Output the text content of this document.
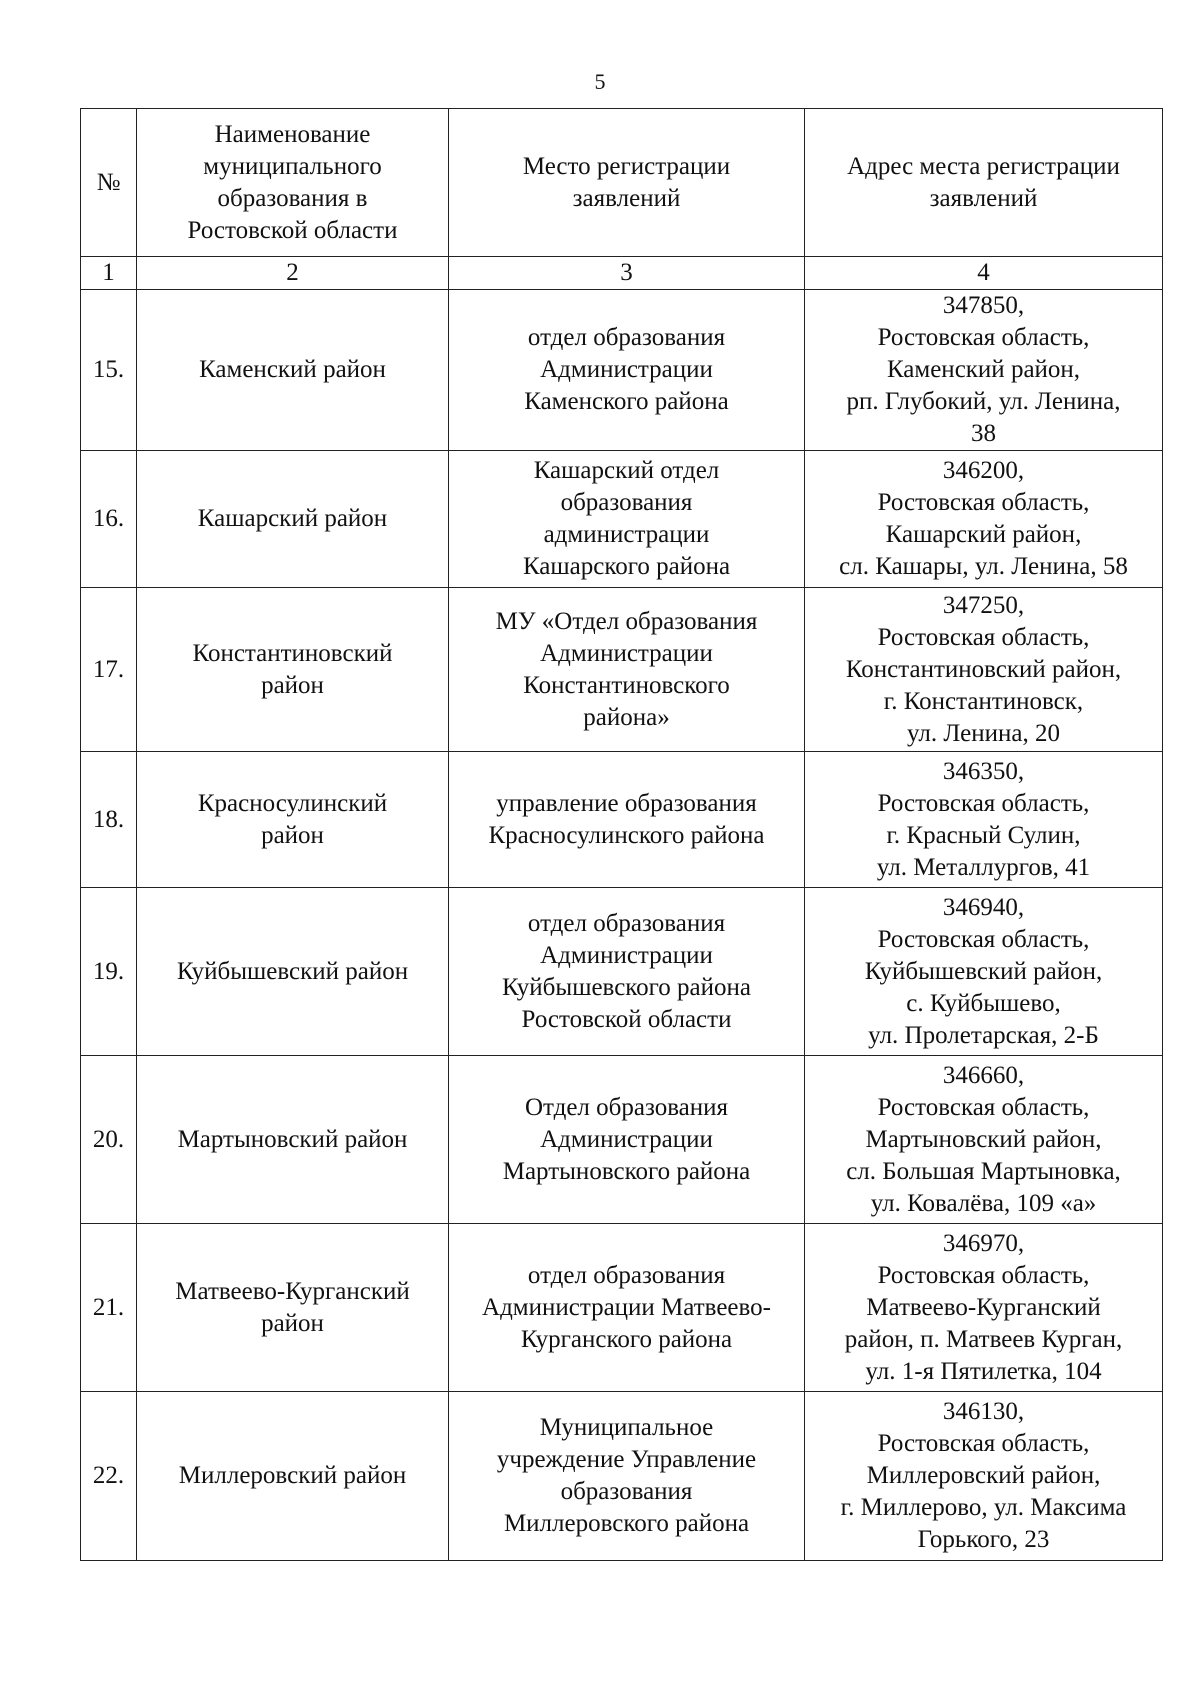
5
№	Наименование
муниципального
образования в
Ростовской области	Место регистрации
заявлений	Адрес места регистрации
заявлений

1	2	3	4

15.	Каменский район	отдел образования
Администрации
Каменского района	347850,
Ростовская область,
Каменский район,
рп. Глубокий, ул. Ленина,
38

16.	Кашарский район	Кашарский отдел
образования
администрации
Кашарского района	346200,
Ростовская область,
Кашарский район,
сл. Кашары, ул. Ленина, 58

17.	Константиновский
район	МУ «Отдел образования
Администрации
Константиновского
района»	347250,
Ростовская область,
Константиновский район,
г. Константиновск,
ул. Ленина, 20

18.	Красносулинский
район	управление образования
Красносулинского района	346350,
Ростовская область,
г. Красный Сулин,
ул. Металлургов, 41

19.	Куйбышевский район	отдел образования
Администрации
Куйбышевского района
Ростовской области	346940,
Ростовская область,
Куйбышевский район,
с. Куйбышево,
ул. Пролетарская, 2-Б

20.	Мартыновский район	Отдел образования
Администрации
Мартыновского района	346660,
Ростовская область,
Мартыновский район,
сл. Большая Мартыновка,
ул. Ковалёва, 109 «а»

21.	Матвеево-Курганский
район	отдел образования
Администрации Матвеево-
Курганского района	346970,
Ростовская область,
Матвеево-Курганский
район, п. Матвеев Курган,
ул. 1-я Пятилетка, 104

22.	Миллеровский район	Муниципальное
учреждение Управление
образования
Миллеровского района	346130,
Ростовская область,
Миллеровский район,
г. Миллерово, ул. Максима
Горького, 23
